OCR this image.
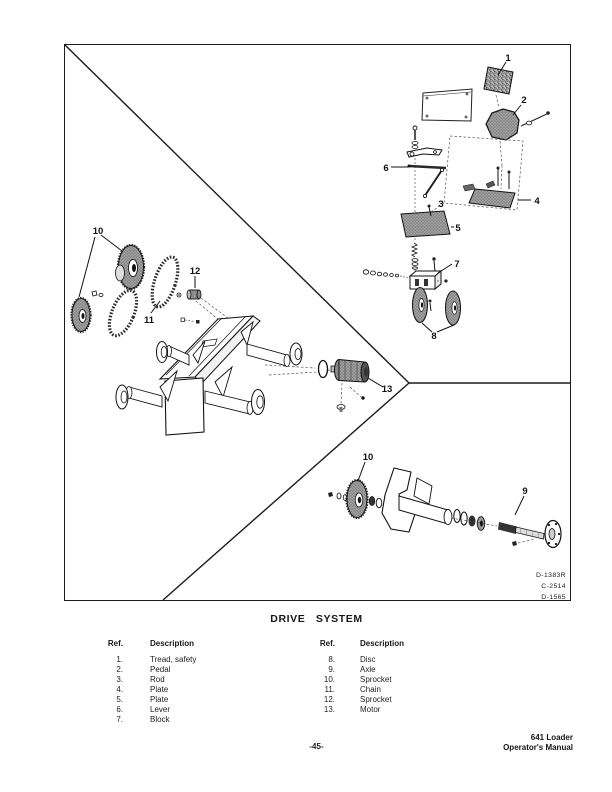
1
2
3	4
5
6
7
8
9
10
10
11
12
13
D-1383R
C-2514
D-1565
DRIVE SYSTEM
Ref.	Description
1.	Tread, safety
2.	Pedal
3.	Rod
4.	Plate
5.	Plate
6.	Lever
7.	Block
Ref.	Description
8.	Disc
9.	Axle
10.	Sprocket
11.	Chain
12.	Sprocket
13.	Motor
-45-
641 Loader
Operator's Manual
